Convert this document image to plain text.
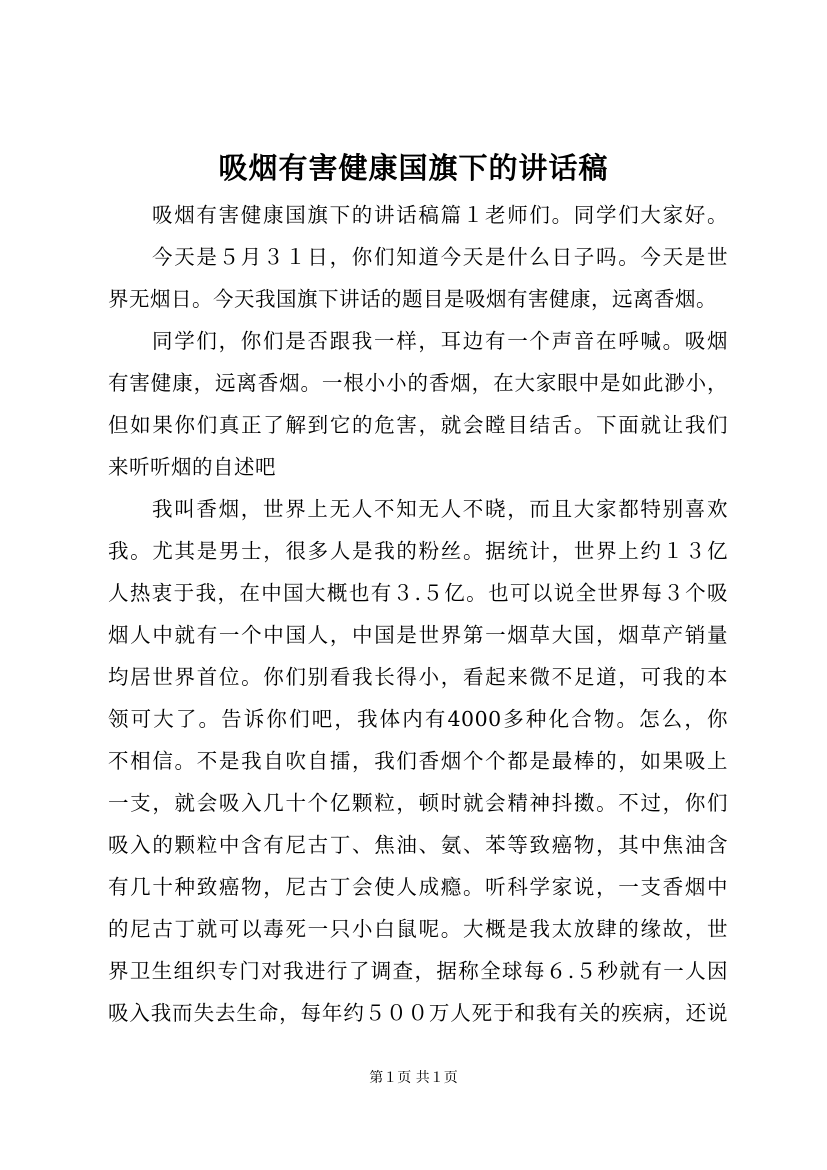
吸烟有害健康国旗下的讲话稿
吸烟有害健康国旗下的讲话稿篇１老师们。同学们大家好。
今天是５月３１日，你们知道今天是什么日子吗。今天是世
界无烟日。今天我国旗下讲话的题目是吸烟有害健康，远离香烟。
同学们，你们是否跟我一样，耳边有一个声音在呼喊。吸烟
有害健康，远离香烟。一根小小的香烟，在大家眼中是如此渺小，
但如果你们真正了解到它的危害，就会瞠目结舌。下面就让我们
来听听烟的自述吧
我叫香烟，世界上无人不知无人不晓，而且大家都特别喜欢
我。尤其是男士，很多人是我的粉丝。据统计，世界上约１３亿
人热衷于我，在中国大概也有３.５亿。也可以说全世界每３个吸
烟人中就有一个中国人，中国是世界第一烟草大国，烟草产销量
均居世界首位。你们别看我长得小，看起来微不足道，可我的本
领可大了。告诉你们吧，我体内有4000多种化合物。怎么，你
不相信。不是我自吹自擂，我们香烟个个都是最棒的，如果吸上
一支，就会吸入几十个亿颗粒，顿时就会精神抖擞。不过，你们
吸入的颗粒中含有尼古丁、焦油、氨、苯等致癌物，其中焦油含
有几十种致癌物，尼古丁会使人成瘾。听科学家说，一支香烟中
的尼古丁就可以毒死一只小白鼠呢。大概是我太放肆的缘故，世
界卫生组织专门对我进行了调查，据称全球每６.５秒就有一人因
吸入我而失去生命，每年约５００万人死于和我有关的疾病，还说
第１页 共１页
